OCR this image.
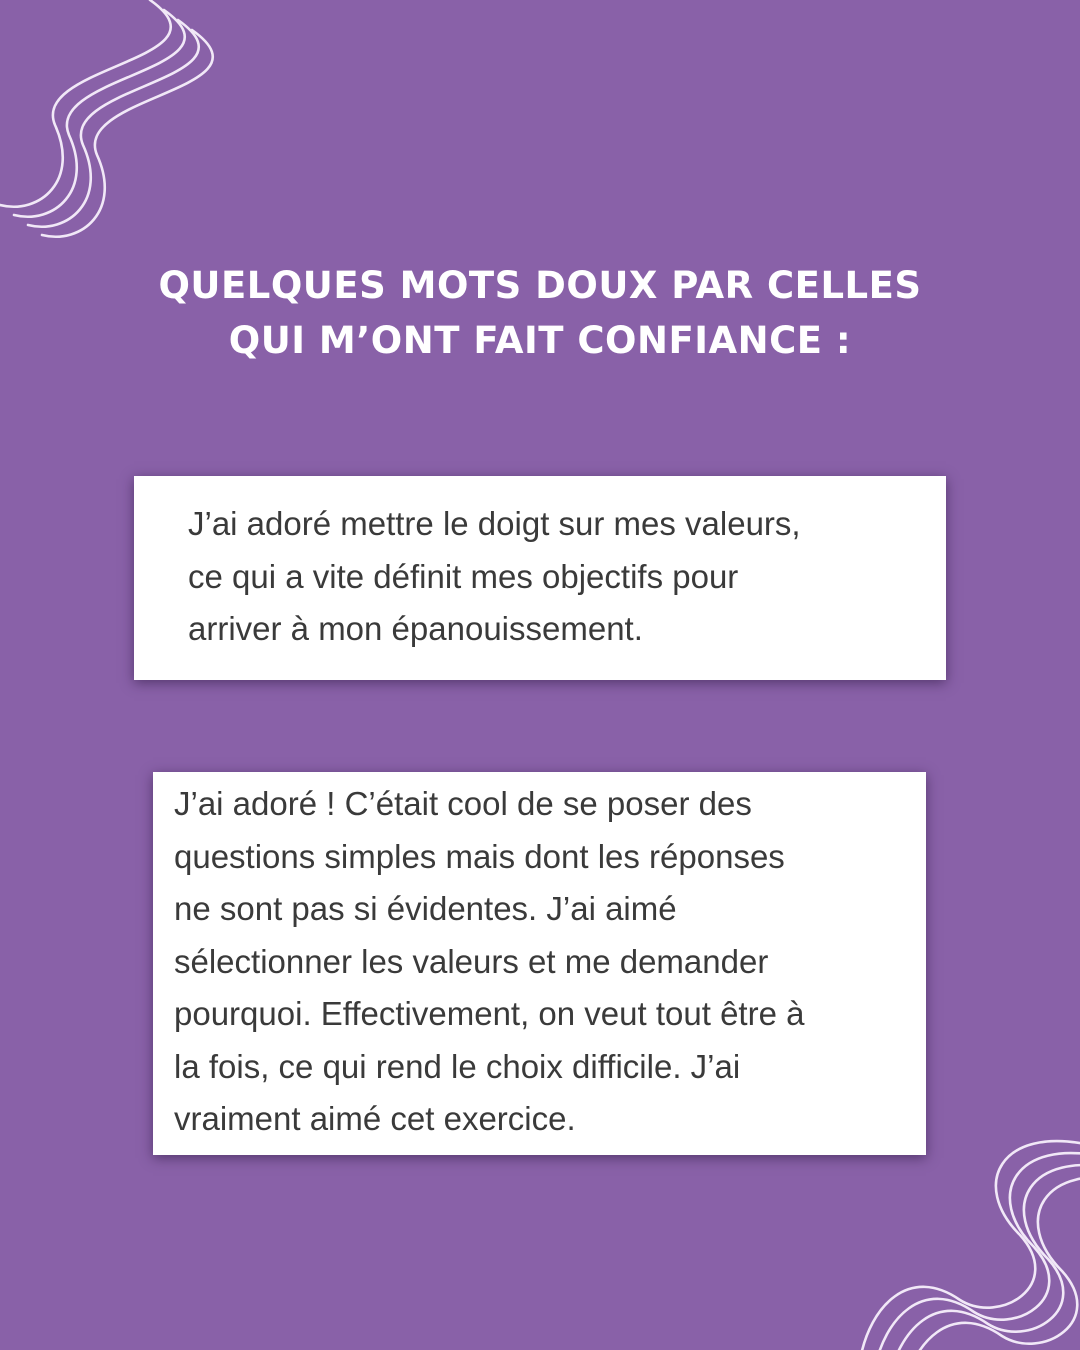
QUELQUES MOTS DOUX PAR CELLES
QUI M’ONT FAIT CONFIANCE :
J’ai adoré mettre le doigt sur mes valeurs,
ce qui a vite définit mes objectifs pour
arriver à mon épanouissement.
J’ai adoré ! C’était cool de se poser des
questions simples mais dont les réponses
ne sont pas si évidentes. J’ai aimé
sélectionner les valeurs et me demander
pourquoi. Effectivement, on veut tout être à
la fois, ce qui rend le choix difficile. J’ai
vraiment aimé cet exercice.
